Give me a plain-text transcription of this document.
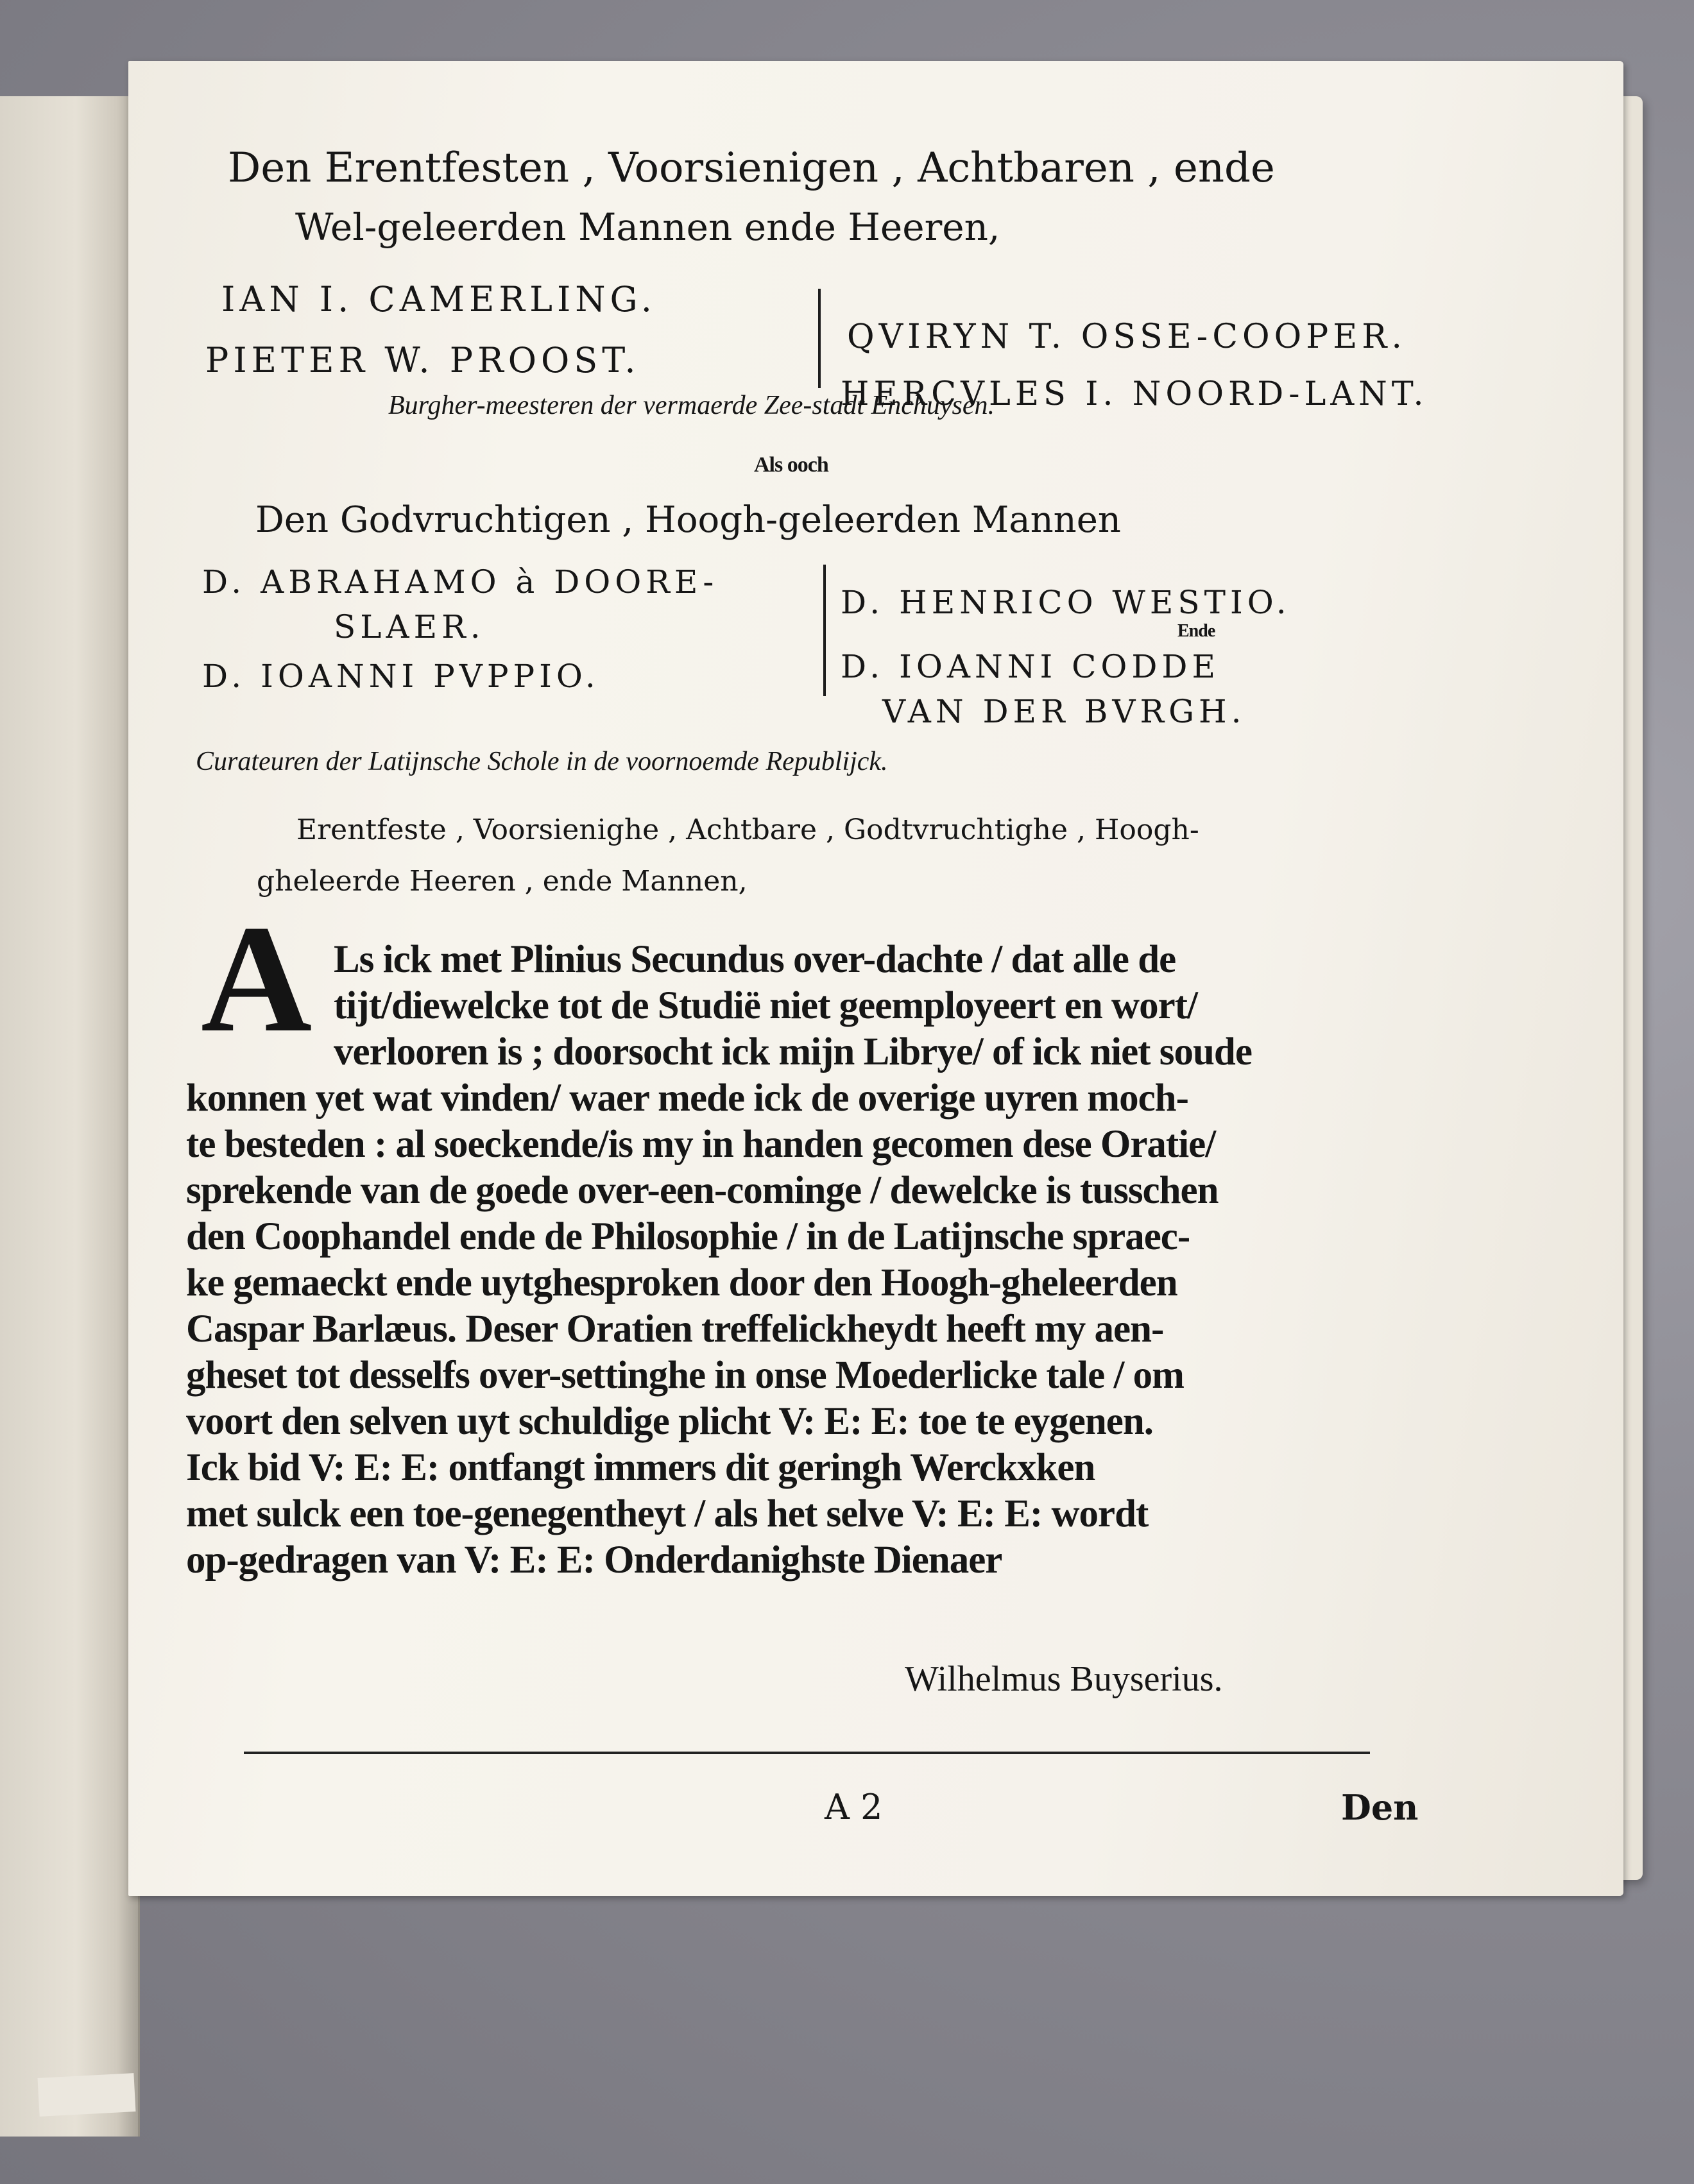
Den Erentfesten , Voorsienigen , Achtbaren , ende
Wel-geleerden Mannen ende Heeren,
IAN I. CAMERLING.
PIETER W. PROOST.
QVIRYN T. OSSE-COOPER.
HERCVLES I. NOORD-LANT.
Burgher-meesteren der vermaerde Zee-stadt Enchuysen.
Als ooch
Den Godvruchtigen , Hoogh-geleerden Mannen
D. ABRAHAMO à DOORE-
SLAER.
D. IOANNI PVPPIO.
D. HENRICO WESTIO.
Ende
D. IOANNI CODDE
VAN DER BVRGH.
Curateuren der Latijnsche Schole in de voornoemde Republijck.
Erentfeste , Voorsienighe , Achtbare , Godtvruchtighe , Hoogh-
gheleerde Heeren , ende Mannen,
A Ls ick met Plinius Secundus over-dachte / dat alle de
tijt/diewelcke tot de Studië niet geemployeert en wort/
verlooren is ; doorsocht ick mijn Librye/ of ick niet soude
konnen yet wat vinden/ waer mede ick de overige uyren moch-
te besteden : al soeckende/is my in handen gecomen dese Oratie/
sprekende van de goede over-een-cominge / dewelcke is tusschen
den Coophandel ende de Philosophie / in de Latijnsche spraec-
ke gemaeckt ende uytghesproken door den Hoogh-gheleerden
Caspar Barlæus. Deser Oratien treffelickheydt heeft my aen-
gheset tot desselfs over-settinghe in onse Moederlicke tale / om
voort den selven uyt schuldige plicht V: E: E: toe te eygenen.
Ick bid V: E: E: ontfangt immers dit geringh Werckxken
met sulck een toe-genegentheyt / als het selve V: E: E: wordt
op-gedragen van V: E: E: Onderdanighste Dienaer
Wilhelmus Buyserius.
A 2	Den
